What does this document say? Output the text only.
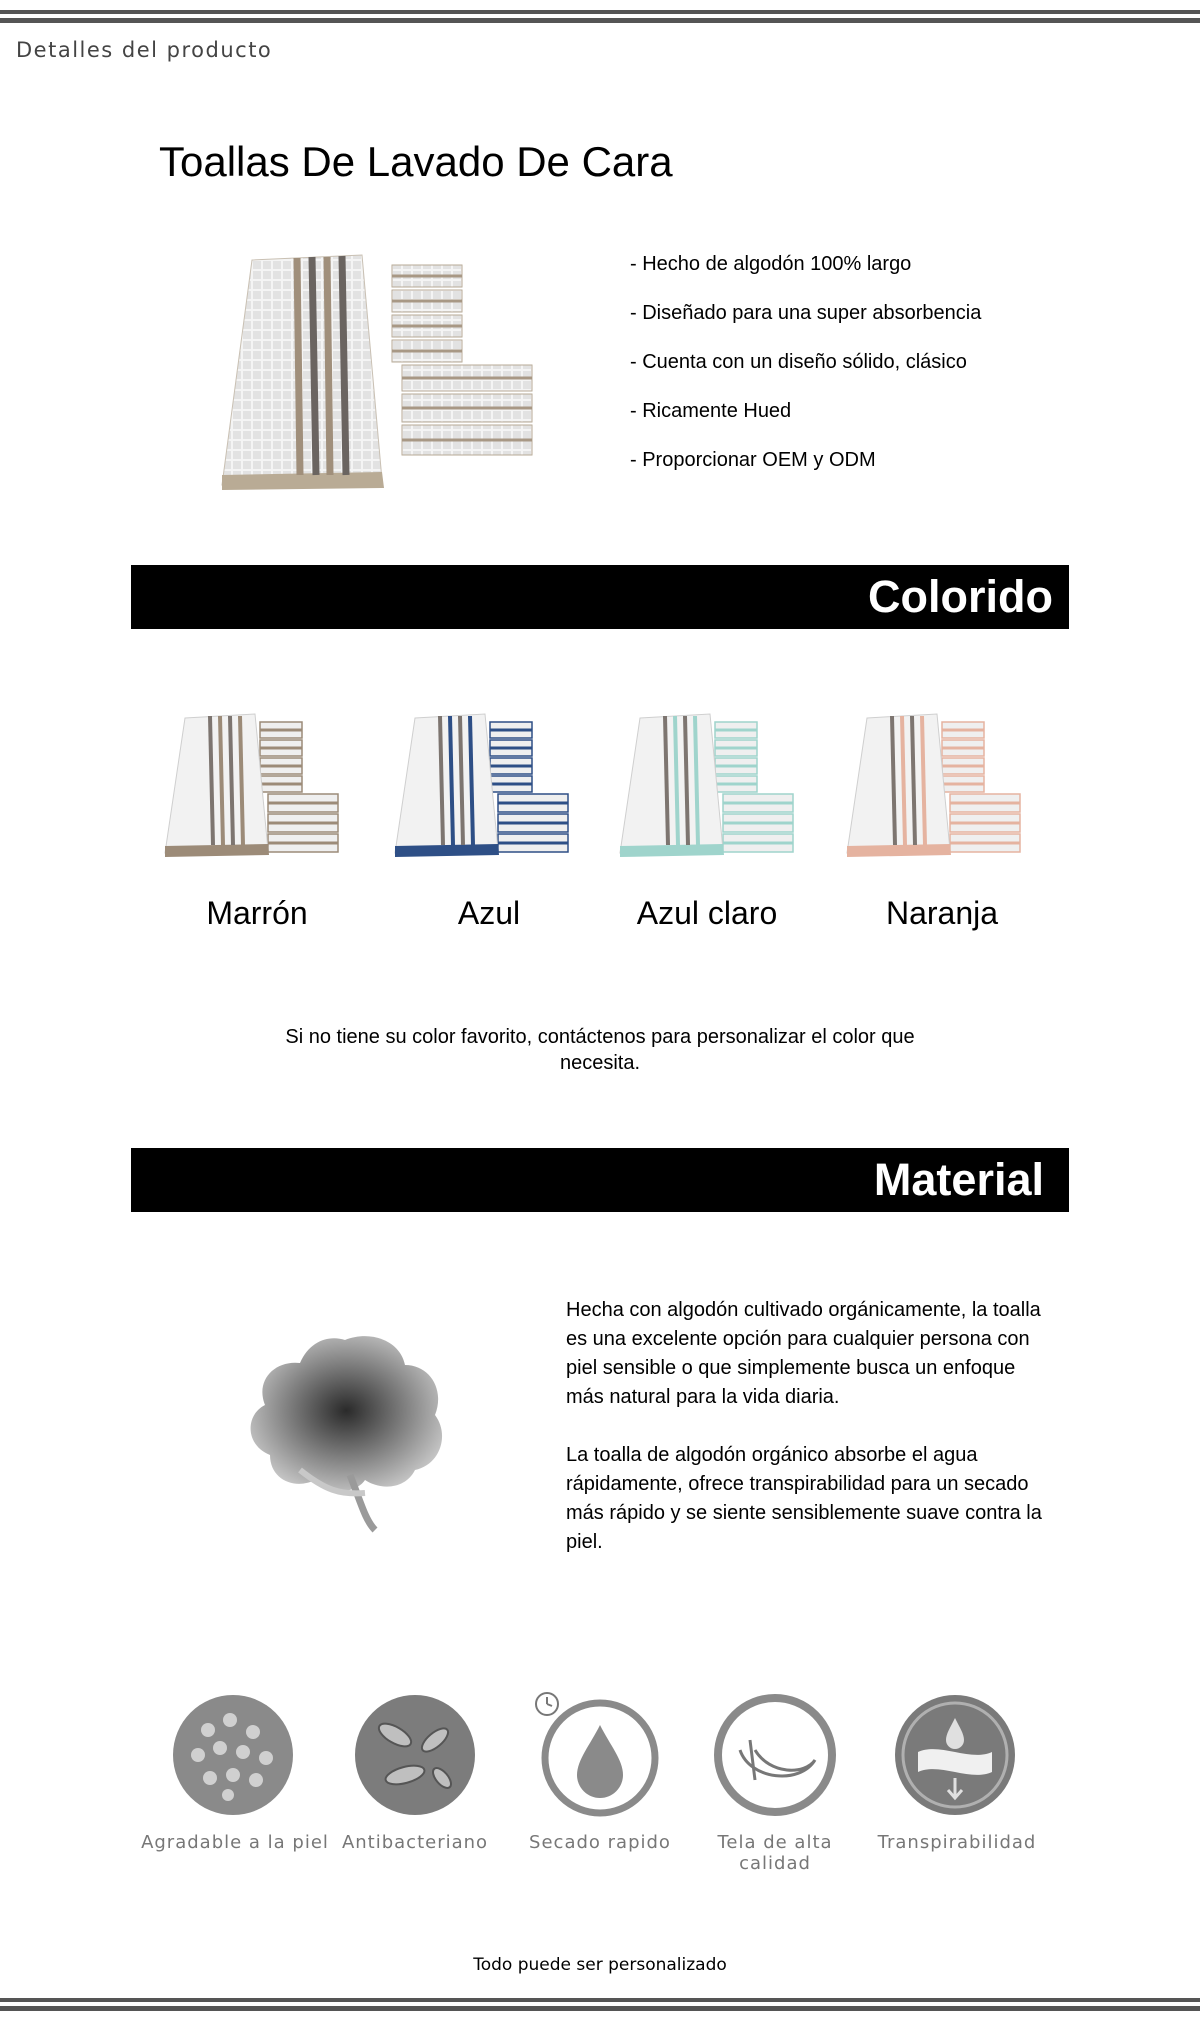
Detalles del producto
Toallas De Lavado De Cara
- Hecho de algodón 100% largo
- Diseñado para una super absorbencia
- Cuenta con un diseño sólido, clásico
- Ricamente Hued
- Proporcionar OEM y ODM
Colorido
Marrón	Azul	Azul claro	Naranja
Si no tiene su color favorito, contáctenos para personalizar el color que necesita.
Material

Hecha con algodón cultivado orgánicamente, la toalla es una excelente opción para cualquier persona con piel sensible o que simplemente busca un enfoque más natural para la vida diaria.

La toalla de algodón orgánico absorbe el agua rápidamente, ofrece transpirabilidad para un secado más rápido y se siente sensiblemente suave contra la piel.

Agradable a la piel Antibacteriano	Secado rapido	Tela de alta calidad
Transpirabilidad
Todo puede ser personalizado
